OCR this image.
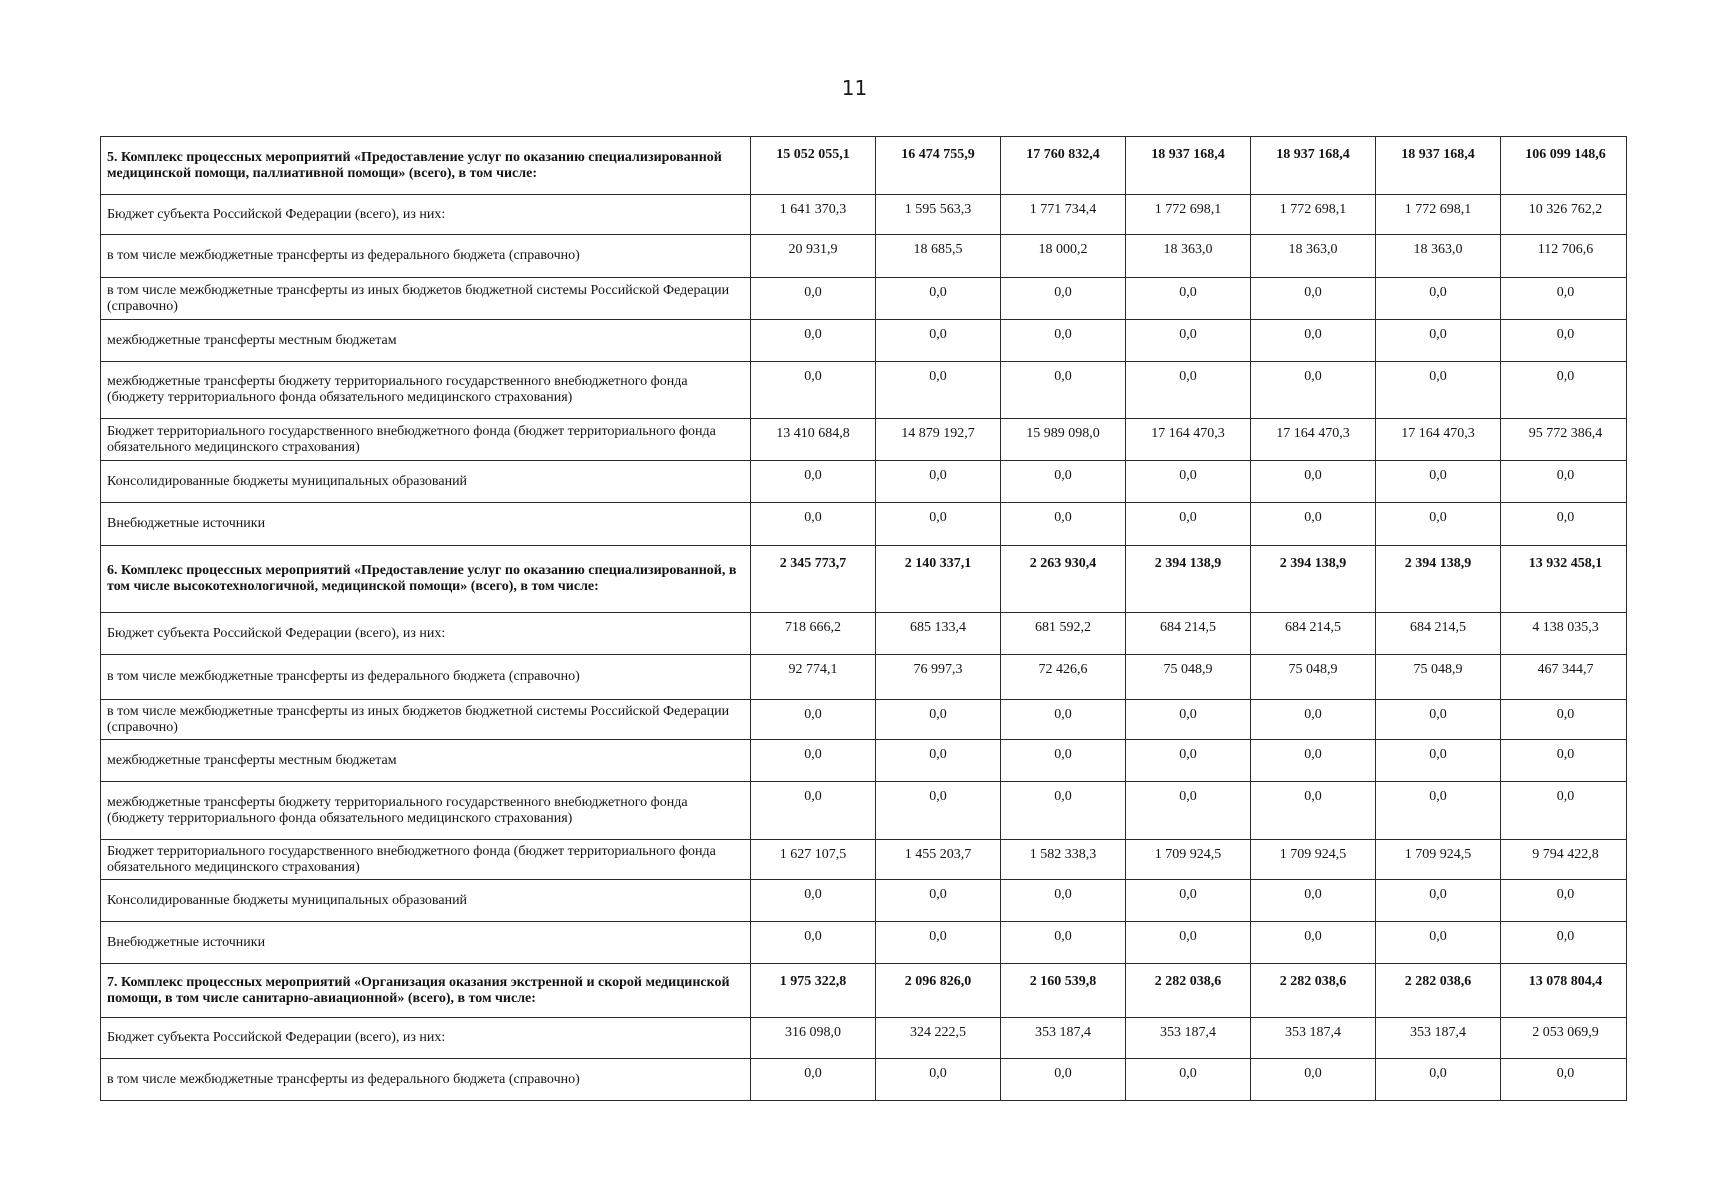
11
5. Комплекс процессных мероприятий «Предоставление услуг по оказанию специализированной медицинской помощи, паллиативной помощи» (всего), в том числе:	15 052 055,1	16 474 755,9	17 760 832,4	18 937 168,4	18 937 168,4	18 937 168,4	106 099 148,6
Бюджет субъекта Российской Федерации (всего), из них:	1 641 370,3	1 595 563,3	1 771 734,4	1 772 698,1	1 772 698,1	1 772 698,1	10 326 762,2
в том числе межбюджетные трансферты из федерального бюджета (справочно)	20 931,9	18 685,5	18 000,2	18 363,0	18 363,0	18 363,0	112 706,6
в том числе межбюджетные трансферты из иных бюджетов бюджетной системы Российской Федерации (справочно)	0,0	0,0	0,0	0,0	0,0	0,0	0,0
межбюджетные трансферты местным бюджетам	0,0	0,0	0,0	0,0	0,0	0,0	0,0
межбюджетные трансферты бюджету территориального государственного внебюджетного фонда (бюджету территориального фонда обязательного медицинского страхования)	0,0	0,0	0,0	0,0	0,0	0,0	0,0
Бюджет территориального государственного внебюджетного фонда (бюджет территориального фонда обязательного медицинского страхования)	13 410 684,8	14 879 192,7	15 989 098,0	17 164 470,3	17 164 470,3	17 164 470,3	95 772 386,4
Консолидированные бюджеты муниципальных образований	0,0	0,0	0,0	0,0	0,0	0,0	0,0
Внебюджетные источники	0,0	0,0	0,0	0,0	0,0	0,0	0,0
6. Комплекс процессных мероприятий «Предоставление услуг по оказанию специализированной, в том числе высокотехнологичной, медицинской помощи» (всего), в том числе:	2 345 773,7	2 140 337,1	2 263 930,4	2 394 138,9	2 394 138,9	2 394 138,9	13 932 458,1
Бюджет субъекта Российской Федерации (всего), из них:	718 666,2	685 133,4	681 592,2	684 214,5	684 214,5	684 214,5	4 138 035,3
в том числе межбюджетные трансферты из федерального бюджета (справочно)	92 774,1	76 997,3	72 426,6	75 048,9	75 048,9	75 048,9	467 344,7
в том числе межбюджетные трансферты из иных бюджетов бюджетной системы Российской Федерации (справочно)	0,0	0,0	0,0	0,0	0,0	0,0	0,0
межбюджетные трансферты местным бюджетам	0,0	0,0	0,0	0,0	0,0	0,0	0,0
межбюджетные трансферты бюджету территориального государственного внебюджетного фонда (бюджету территориального фонда обязательного медицинского страхования)	0,0	0,0	0,0	0,0	0,0	0,0	0,0
Бюджет территориального государственного внебюджетного фонда (бюджет территориального фонда обязательного медицинского страхования)	1 627 107,5	1 455 203,7	1 582 338,3	1 709 924,5	1 709 924,5	1 709 924,5	9 794 422,8
Консолидированные бюджеты муниципальных образований	0,0	0,0	0,0	0,0	0,0	0,0	0,0
Внебюджетные источники	0,0	0,0	0,0	0,0	0,0	0,0	0,0
7. Комплекс процессных мероприятий «Организация оказания экстренной и скорой медицинской помощи, в том числе санитарно-авиационной» (всего), в том числе:	1 975 322,8	2 096 826,0	2 160 539,8	2 282 038,6	2 282 038,6	2 282 038,6	13 078 804,4
Бюджет субъекта Российской Федерации (всего), из них:	316 098,0	324 222,5	353 187,4	353 187,4	353 187,4	353 187,4	2 053 069,9
в том числе межбюджетные трансферты из федерального бюджета (справочно)	0,0	0,0	0,0	0,0	0,0	0,0	0,0
